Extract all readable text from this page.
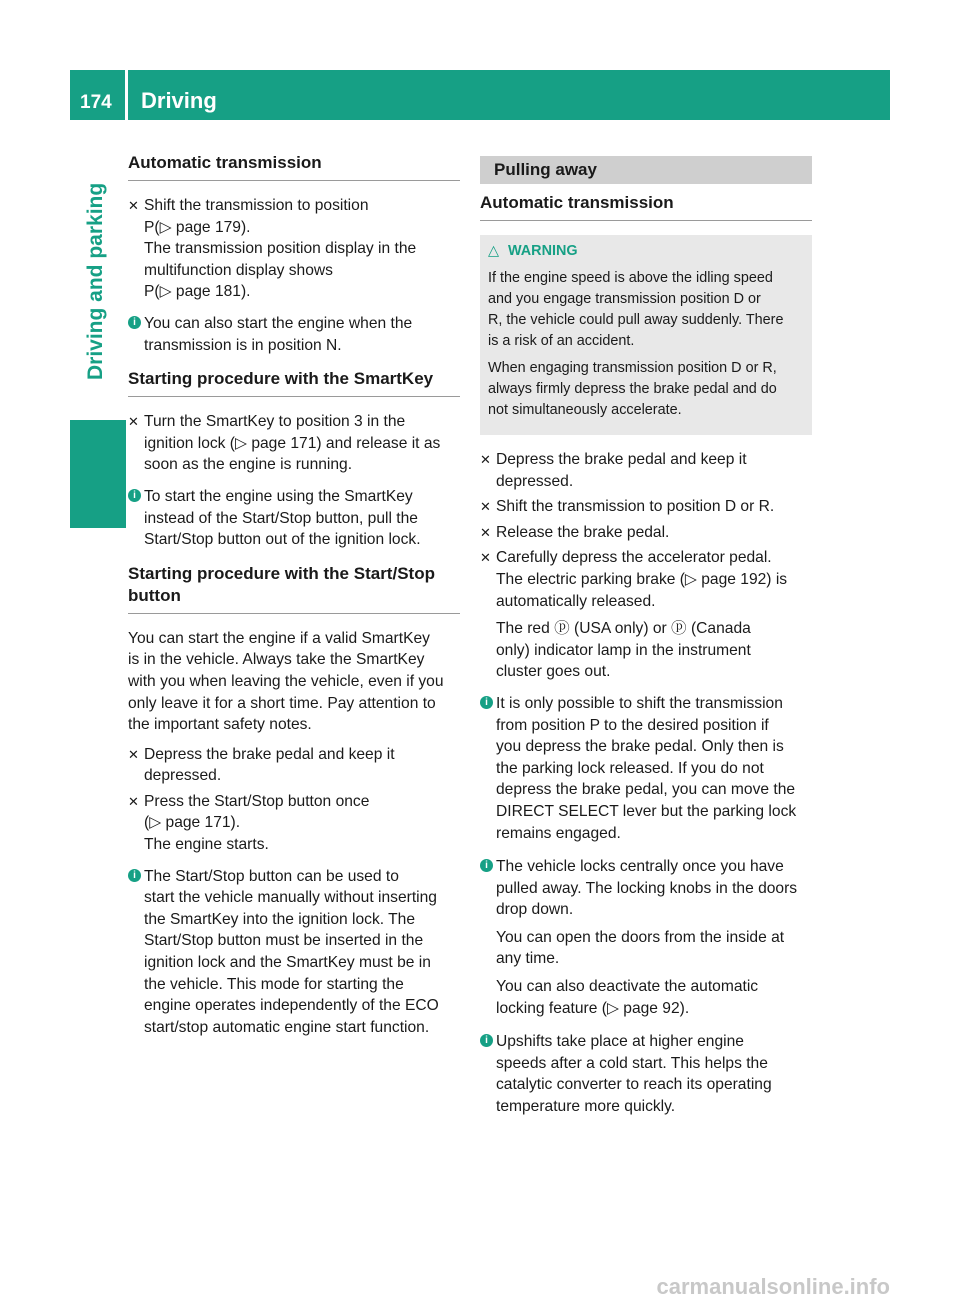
174 Driving
Driving and parking
Automatic transmission
✕ Shift the transmission to position
P(▷ page 179).
The transmission position display in the
multifunction display shows
P(▷ page 181).
i You can also start the engine when the
transmission is in position N.
Starting procedure with the SmartKey
✕ Turn the SmartKey to position 3 in the
ignition lock (▷ page 171) and release it as
soon as the engine is running.
i To start the engine using the SmartKey
instead of the Start/Stop button, pull the
Start/Stop button out of the ignition lock.
Starting procedure with the Start/Stop
button
You can start the engine if a valid SmartKey
is in the vehicle. Always take the SmartKey
with you when leaving the vehicle, even if you
only leave it for a short time. Pay attention to
the important safety notes.
✕ Depress the brake pedal and keep it
depressed.
✕ Press the Start/Stop button once
(▷ page 171).
The engine starts.
i The Start/Stop button can be used to
start the vehicle manually without inserting
the SmartKey into the ignition lock. The
Start/Stop button must be inserted in the
ignition lock and the SmartKey must be in
the vehicle. This mode for starting the
engine operates independently of the ECO
start/stop automatic engine start function.
Pulling away
Automatic transmission
△ WARNING

If the engine speed is above the idling speed
and you engage transmission position D or
R, the vehicle could pull away suddenly. There
is a risk of an accident.

When engaging transmission position D or R,
always firmly depress the brake pedal and do
not simultaneously accelerate.

✕ Depress the brake pedal and keep it
depressed.
✕ Shift the transmission to position D or R.
✕ Release the brake pedal.
✕ Carefully depress the accelerator pedal.
The electric parking brake (▷ page 192) is
automatically released.
The red ⓟ (USA only) or ⓟ (Canada
only) indicator lamp in the instrument
cluster goes out.
i It is only possible to shift the transmission
from position P to the desired position if
you depress the brake pedal. Only then is
the parking lock released. If you do not
depress the brake pedal, you can move the
DIRECT SELECT lever but the parking lock
remains engaged.
i The vehicle locks centrally once you have
pulled away. The locking knobs in the doors
drop down.
You can open the doors from the inside at
any time.
You can also deactivate the automatic
locking feature (▷ page 92).
i Upshifts take place at higher engine
speeds after a cold start. This helps the
catalytic converter to reach its operating
temperature more quickly.
carmanualsonline.info
